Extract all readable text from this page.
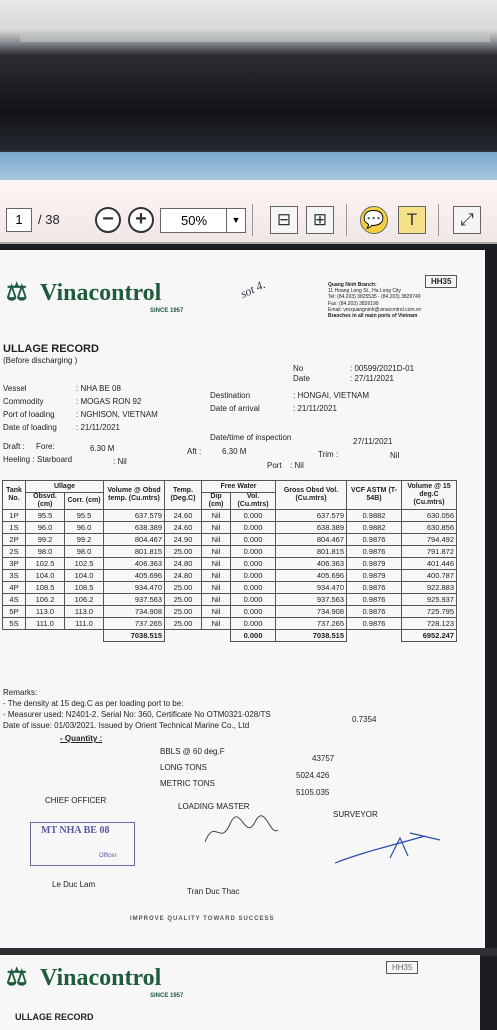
1	/ 38	−	+	50%	▼	⊟	⊞	💬	T	⤢
⚖ Vinacontrol
SINCE 1957
sot 4.	HH35
Quang Ninh Branch:
11 Hoang Long St., Ha Long City
Tel: (84.203) 3825535 - (84.203) 3829749
Fax: (84.203) 3826199
Email: vncquangninh@vinacontrol.com.vn
Branches in all main ports of Vietnam
ULLAGE RECORD
(Before discharging )
No	: 00599/2021D-01
Date	: 27/11/2021
Vessel	: NHA BE 08
Commodity	: MOGAS RON 92
Port of loading	: NGHISON, VIETNAM
Date of loading : 21/11/2021
Destination	: HONGAI, VIETNAM
Date of arrival	: 21/11/2021
Date/time of inspection	27/11/2021
Draft : Fore:	6.30 M	Aft :	6.30 M	Trim :	Nil
Heeling : Starboard	: Nil	Port : Nil
Tank No.	Ullage		Volume @ Obsd temp. (Cu.mtrs)	Temp. (Deg.C)	Free Water		Gross Obsd Vol. (Cu.mtrs)	VCF ASTM (T-54B)	Volume @ 15 deg.C (Cu.mtrs)
	Obsvd. (cm)	Corr. (cm)			Dip (cm)	Vol. (Cu.mtrs)			
1P	95.5	95.5	637.579	24.60	Nil	0.000	637.579	0.9882	630.056
1S	96.0	96.0	638.389	24.60	Nil	0.000	638.389	0.9882	630.856
2P	99.2	99.2	804.467	24.90	Nil	0.000	804.467	0.9876	794.492
2S	98.0	98.0	801.815	25.00	Nil	0.000	801.815	0.9876	791.872
3P	102.5	102.5	406.363	24.80	Nil	0.000	406.363	0.9879	401.446
3S	104.0	104.0	405.696	24.80	Nil	0.000	405.696	0.9879	400.787
4P	108.5	108.5	934.470	25.00	Nil	0.000	934.470	0.9876	922.883
4S	106.2	106.2	937.563	25.00	Nil	0.000	937.563	0.9876	925.937
5P	113.0	113.0	734.908	25.00	Nil	0.000	734.908	0.9876	725.795
5S	111.0	111.0	737.265	25.00	Nil	0.000	737.265	0.9876	728.123
			7038.515			0.000	7038.515		6952.247
Remarks:
- The density at 15 deg.C as per loading port to be:
0.7354
- Measurer used: N2401-2. Serial No: 360, Certificate No OTM0321-028/TS
Date of issue: 01/03/2021. Issued by Orient Technical Marine Co., Ltd
- Quantity :
BBLS @ 60 deg.F
43757
LONG TONS
5024.426
METRIC TONS
5105.035
CHIEF OFFICER
LOADING MASTER
SURVEYOR
MT NHA BE 08
Officer
Le Duc Lam
Tran Duc Thac
IMPROVE QUALITY TOWARD SUCCESS
⚖ Vinacontrol
SINCE 1957
HH35
ULLAGE RECORD
